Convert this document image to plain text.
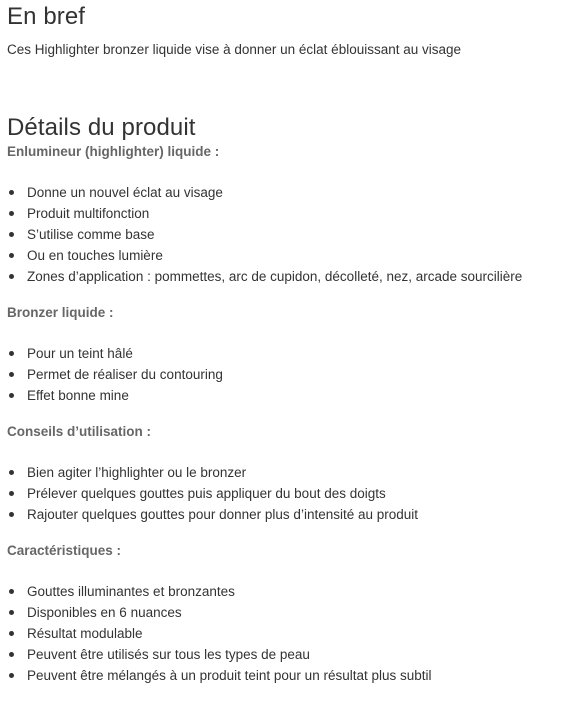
En bref

Ces Highlighter bronzer liquide vise à donner un éclat éblouissant au visage

Détails du produit

Enlumineur (highlighter) liquide :

Donne un nouvel éclat au visage
Produit multifonction
S’utilise comme base
Ou en touches lumière
Zones d’application : pommettes, arc de cupidon, décolleté, nez, arcade sourcilière

Bronzer liquide :

Pour un teint hâlé
Permet de réaliser du contouring
Effet bonne mine

Conseils d’utilisation :

Bien agiter l’highlighter ou le bronzer
Prélever quelques gouttes puis appliquer du bout des doigts
Rajouter quelques gouttes pour donner plus d’intensité au produit

Caractéristiques :

Gouttes illuminantes et bronzantes
Disponibles en 6 nuances
Résultat modulable
Peuvent être utilisés sur tous les types de peau
Peuvent être mélangés à un produit teint pour un résultat plus subtil
